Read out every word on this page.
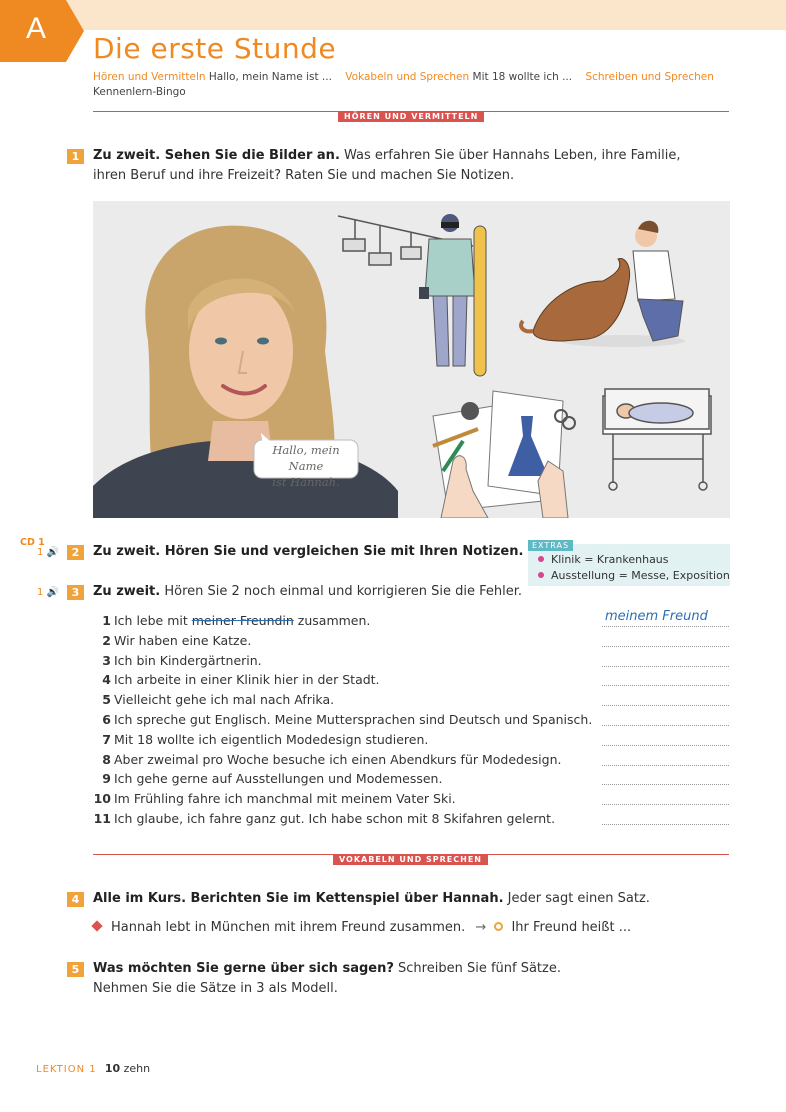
A
Die erste Stunde
Hören und Vermitteln Hallo, mein Name ist ... Vokabeln und Sprechen Mit 18 wollte ich ... Schreiben und Sprechen
Kennenlern-Bingo
HÖREN UND VERMITTELN
1	Zu zweit. Sehen Sie die Bilder an. Was erfahren Sie über Hannahs Leben, ihre Familie,
ihren Beruf und ihre Freizeit? Raten Sie und machen Sie Notizen.
Hallo, mein Name
ist Hannah.
CD 1
1 🔊	2	Zu zweit. Hören Sie und vergleichen Sie mit Ihren Notizen.	EXTRAS
Klinik = Krankenhaus
Ausstellung = Messe, Exposition
1 🔊	3	Zu zweit. Hören Sie 2 noch einmal und korrigieren Sie die Fehler.
1 Ich lebe mit meiner Freundin zusammen.	meinem Freund
2 Wir haben eine Katze.
3 Ich bin Kindergärtnerin.
4 Ich arbeite in einer Klinik hier in der Stadt.
5 Vielleicht gehe ich mal nach Afrika.
6 Ich spreche gut Englisch. Meine Muttersprachen sind Deutsch und Spanisch.
7 Mit 18 wollte ich eigentlich Modedesign studieren.
8 Aber zweimal pro Woche besuche ich einen Abendkurs für Modedesign.
9 Ich gehe gerne auf Ausstellungen und Modemessen.
10 Im Frühling fahre ich manchmal mit meinem Vater Ski.
11 Ich glaube, ich fahre ganz gut. Ich habe schon mit 8 Skifahren gelernt.
VOKABELN UND SPRECHEN
4	Alle im Kurs. Berichten Sie im Kettenspiel über Hannah. Jeder sagt einen Satz.
Hannah lebt in München mit ihrem Freund zusammen. → Ihr Freund heißt ...
5	Was möchten Sie gerne über sich sagen? Schreiben Sie fünf Sätze.
Nehmen Sie die Sätze in 3 als Modell.
LEKTION 1 10 zehn
